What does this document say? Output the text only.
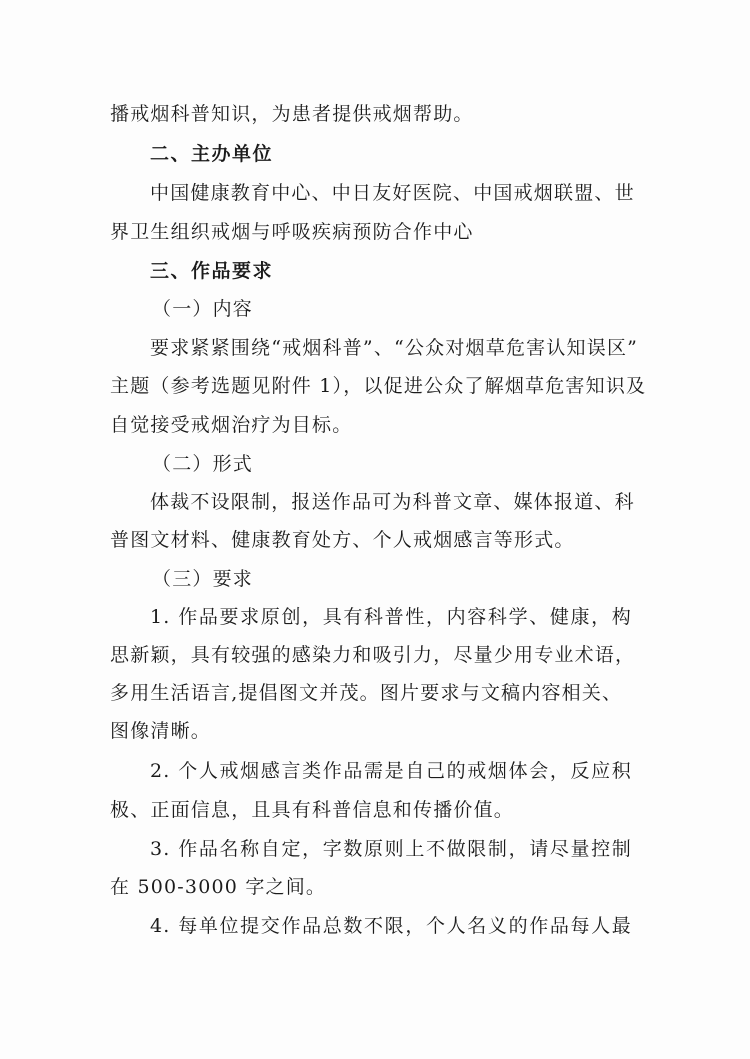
播戒烟科普知识，为患者提供戒烟帮助。
二、主办单位
中国健康教育中心、中日友好医院、中国戒烟联盟、世
界卫生组织戒烟与呼吸疾病预防合作中心
三、作品要求
（一）内容
要求紧紧围绕“戒烟科普”、“公众对烟草危害认知误区”
主题（参考选题见附件 1），以促进公众了解烟草危害知识及
自觉接受戒烟治疗为目标。
（二）形式
体裁不设限制，报送作品可为科普文章、媒体报道、科
普图文材料、健康教育处方、个人戒烟感言等形式。
（三）要求
1. 作品要求原创，具有科普性，内容科学、健康，构
思新颖，具有较强的感染力和吸引力，尽量少用专业术语，
多用生活语言,提倡图文并茂。图片要求与文稿内容相关、
图像清晰。
2. 个人戒烟感言类作品需是自己的戒烟体会，反应积
极、正面信息，且具有科普信息和传播价值。
3. 作品名称自定，字数原则上不做限制，请尽量控制
在 500-3000 字之间。
4. 每单位提交作品总数不限，个人名义的作品每人最
